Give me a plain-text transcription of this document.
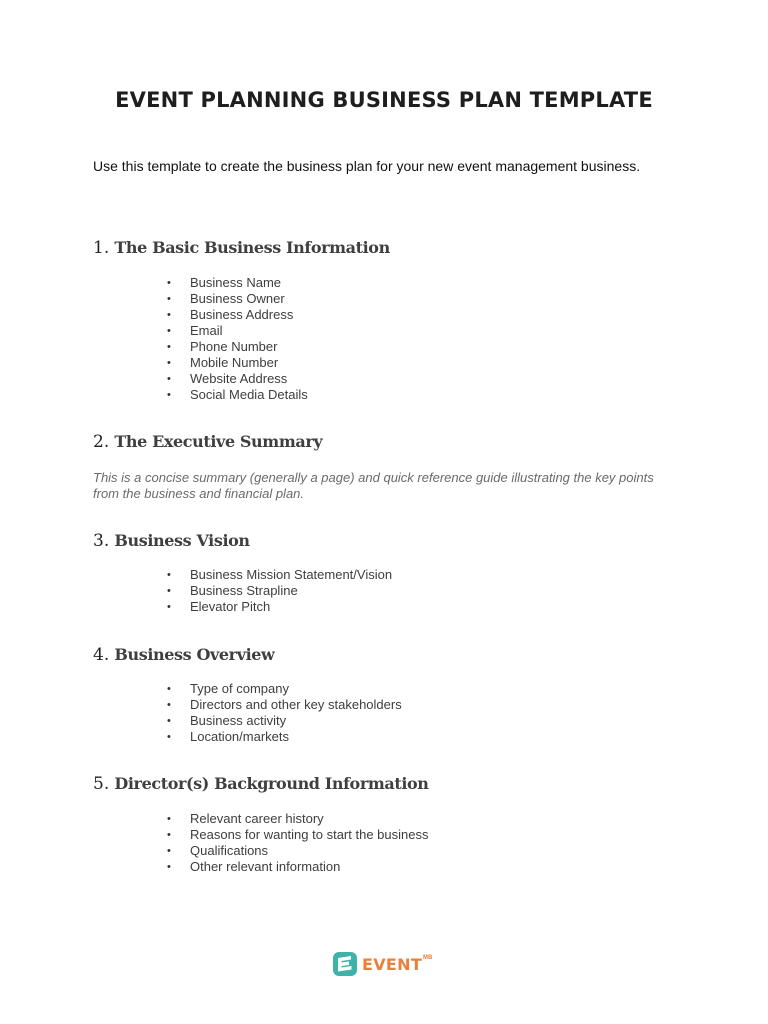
EVENT PLANNING BUSINESS PLAN TEMPLATE

Use this template to create the business plan for your new event management business.

1. The Basic Business Information
• Business Name
• Business Owner
• Business Address
• Email
• Phone Number
• Mobile Number
• Website Address
• Social Media Details
2. The Executive Summary

This is a concise summary (generally a page) and quick reference guide illustrating the key points from the business and financial plan.

3. Business Vision
• Business Mission Statement/Vision
• Business Strapline
• Elevator Pitch
4. Business Overview
• Type of company
• Directors and other key stakeholders
• Business activity
• Location/markets
5. Director(s) Background Information
• Relevant career history
• Reasons for wanting to start the business
• Qualifications
• Other relevant information
EVENT MB
